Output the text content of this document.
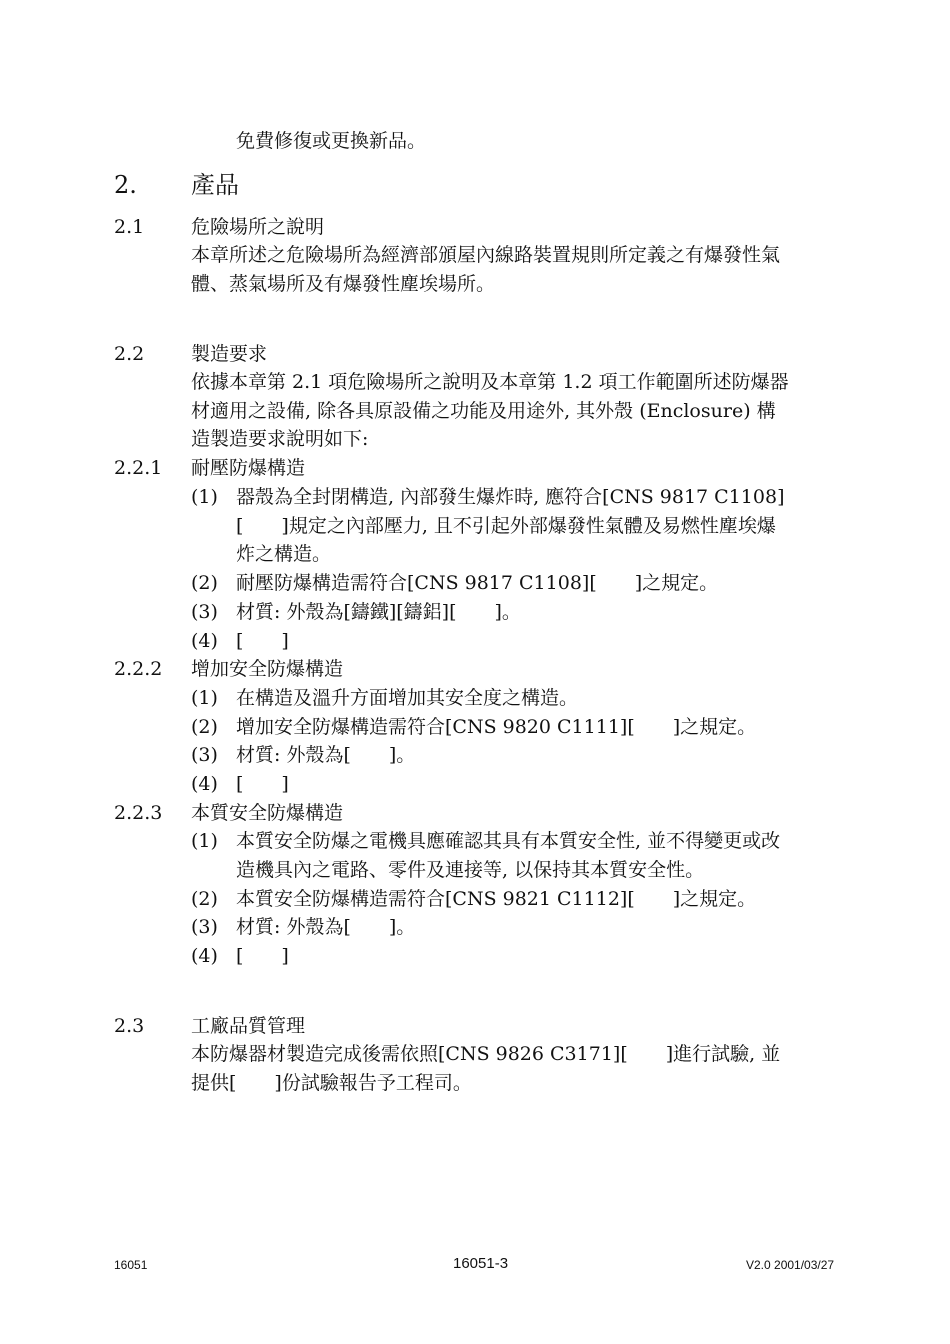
免費修復或更換新品。
2. 產品
2.1 危險場所之說明
本章所述之危險場所為經濟部頒屋內線路裝置規則所定義之有爆發性氣
體、蒸氣場所及有爆發性塵埃場所。
2.2 製造要求
依據本章第 2.1 項危險場所之說明及本章第 1.2 項工作範圍所述防爆器
材適用之設備, 除各具原設備之功能及用途外, 其外殼 (Enclosure) 構
造製造要求說明如下:
2.2.1 耐壓防爆構造
(1) 器殼為全封閉構造, 內部發生爆炸時, 應符合[CNS 9817 C1108]
[　　]規定之內部壓力, 且不引起外部爆發性氣體及易燃性塵埃爆
炸之構造。
(2) 耐壓防爆構造需符合[CNS 9817 C1108][　　]之規定。
(3) 材質: 外殼為[鑄鐵][鑄鋁][　　]。
(4) [　　]
2.2.2 增加安全防爆構造
(1) 在構造及溫升方面增加其安全度之構造。
(2) 增加安全防爆構造需符合[CNS 9820 C1111][　　]之規定。
(3) 材質: 外殼為[　　]。
(4) [　　]
2.2.3 本質安全防爆構造
(1) 本質安全防爆之電機具應確認其具有本質安全性, 並不得變更或改
造機具內之電路、零件及連接等, 以保持其本質安全性。
(2) 本質安全防爆構造需符合[CNS 9821 C1112][　　]之規定。
(3) 材質: 外殼為[　　]。
(4) [　　]
2.3 工廠品質管理
本防爆器材製造完成後需依照[CNS 9826 C3171][　　]進行試驗, 並
提供[　　]份試驗報告予工程司。
16051	16051-3	V2.0 2001/03/27
